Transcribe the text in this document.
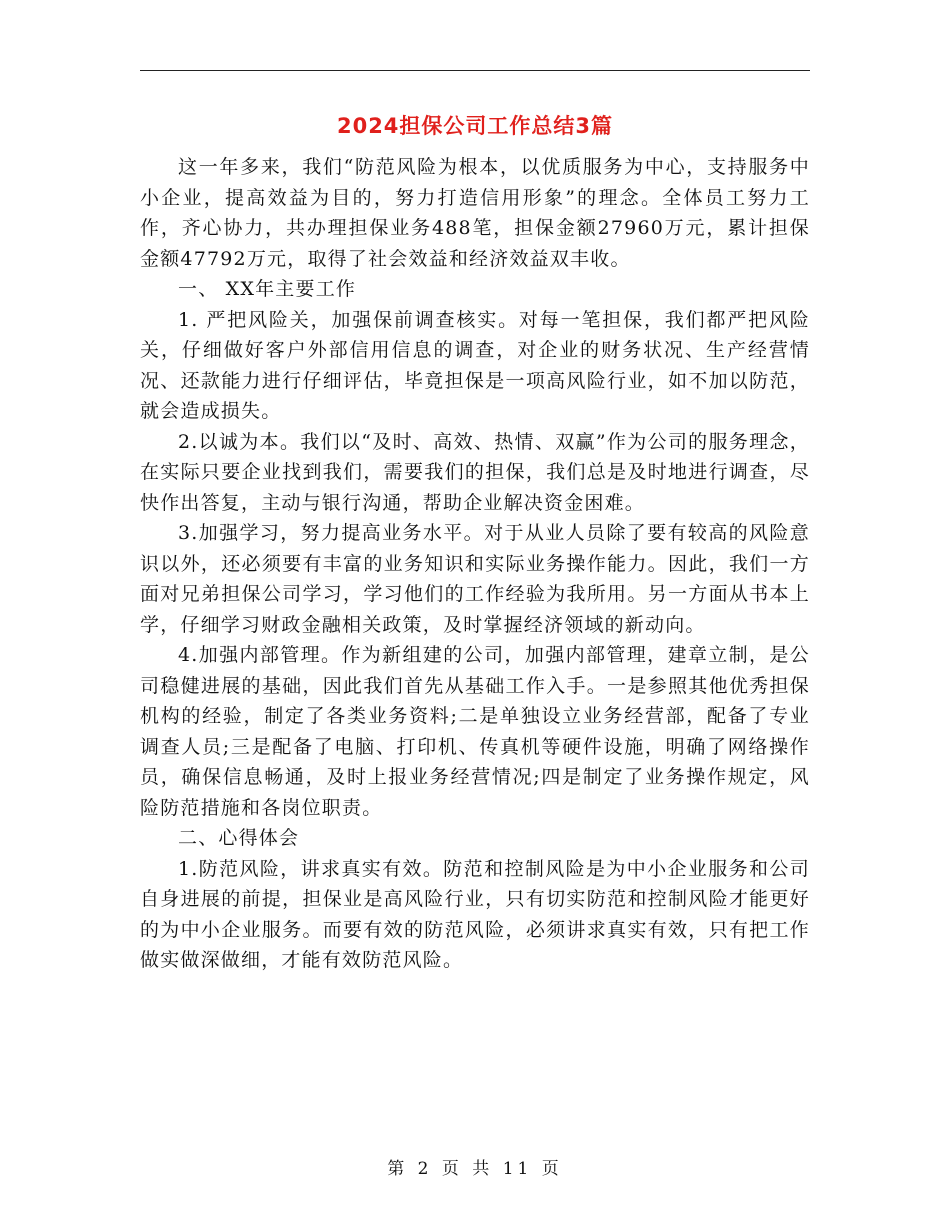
2024担保公司工作总结3篇

这一年多来，我们“防范风险为根本，以优质服务为中心，支持服务中小企业，提高效益为目的，努力打造信用形象”的理念。全体员工努力工作，齐心协力，共办理担保业务488笔，担保金额27960万元，累计担保金额47792万元，取得了社会效益和经济效益双丰收。

一、 XX年主要工作

1. 严把风险关，加强保前调查核实。对每一笔担保，我们都严把风险关，仔细做好客户外部信用信息的调查，对企业的财务状况、生产经营情况、还款能力进行仔细评估，毕竟担保是一项高风险行业，如不加以防范，就会造成损失。

2.以诚为本。我们以“及时、高效、热情、双赢”作为公司的服务理念，在实际只要企业找到我们，需要我们的担保，我们总是及时地进行调查，尽快作出答复，主动与银行沟通，帮助企业解决资金困难。

3.加强学习，努力提高业务水平。对于从业人员除了要有较高的风险意识以外，还必须要有丰富的业务知识和实际业务操作能力。因此，我们一方面对兄弟担保公司学习，学习他们的工作经验为我所用。另一方面从书本上学，仔细学习财政金融相关政策，及时掌握经济领域的新动向。

4.加强内部管理。作为新组建的公司，加强内部管理，建章立制，是公司稳健进展的基础，因此我们首先从基础工作入手。一是参照其他优秀担保机构的经验，制定了各类业务资料;二是单独设立业务经营部，配备了专业调查人员;三是配备了电脑、打印机、传真机等硬件设施，明确了网络操作员，确保信息畅通，及时上报业务经营情况;四是制定了业务操作规定，风险防范措施和各岗位职责。

二、心得体会

1.防范风险，讲求真实有效。防范和控制风险是为中小企业服务和公司自身进展的前提，担保业是高风险行业，只有切实防范和控制风险才能更好的为中小企业服务。而要有效的防范风险，必须讲求真实有效，只有把工作做实做深做细，才能有效防范风险。

第 2 页 共 11 页
